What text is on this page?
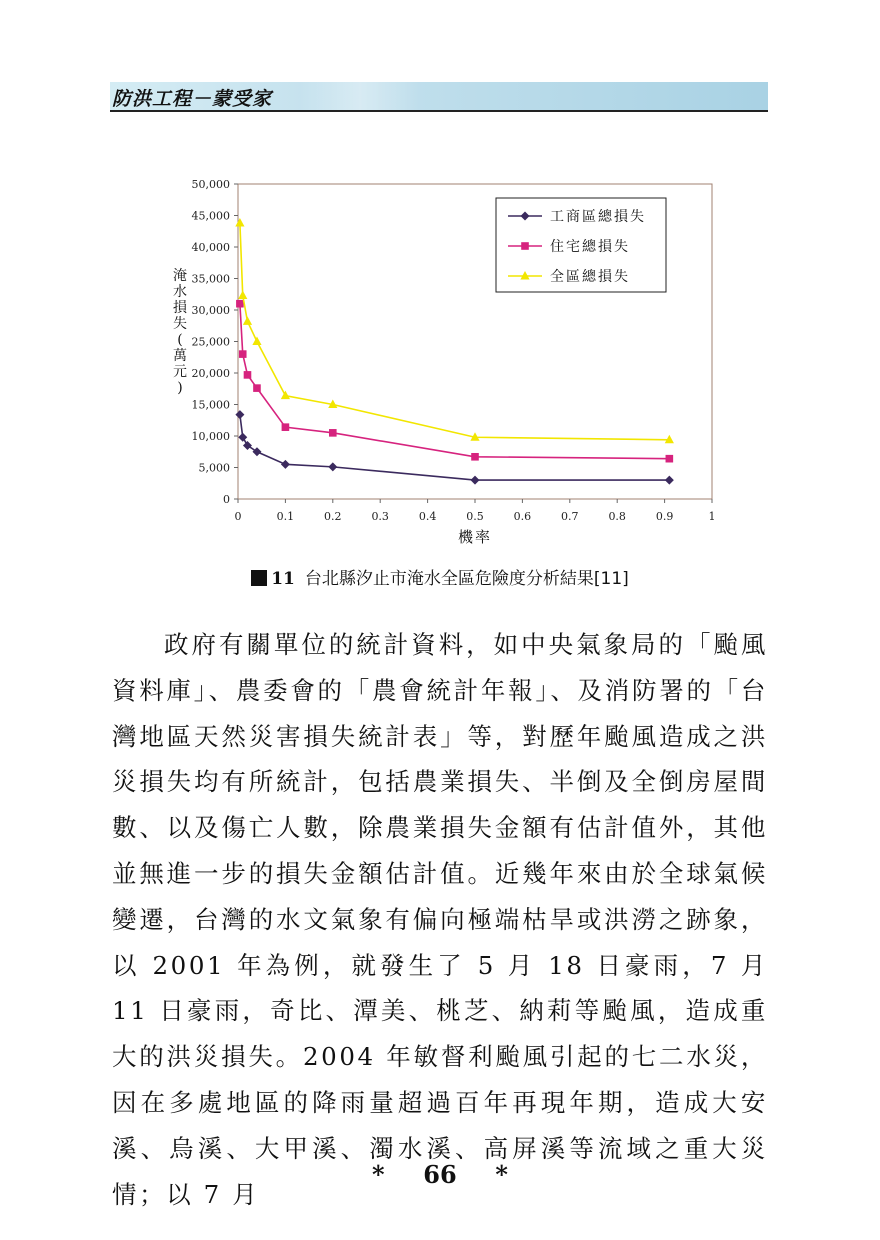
防洪工程－蒙受家
0
5,000
10,000
15,000
20,000
25,000
30,000
35,000
40,000
45,000
50,000
0	0.1	0.2	0.3	0.4	0.5	0.6	0.7	0.8	0.9	1
機率
淹水損失(萬元)
工商區總損失
住宅總損失
全區總損失
11 台北縣汐止市淹水全區危險度分析結果[11]
政府有關單位的統計資料，如中央氣象局的「颱風資料庫」、農委會的「農會統計年報」、及消防署的「台灣地區天然災害損失統計表」等，對歷年颱風造成之洪災損失均有所統計，包括農業損失、半倒及全倒房屋間數、以及傷亡人數，除農業損失金額有估計值外，其他並無進一步的損失金額估計值。近幾年來由於全球氣候變遷，台灣的水文氣象有偏向極端枯旱或洪澇之跡象，以 2001 年為例，就發生了 5 月 18 日豪雨，7 月 11 日豪雨，奇比、潭美、桃芝、納莉等颱風，造成重大的洪災損失。2004 年敏督利颱風引起的七二水災，因在多處地區的降雨量超過百年再現年期，造成大安溪、烏溪、大甲溪、濁水溪、高屏溪等流域之重大災情；以 7 月
* 66 *
